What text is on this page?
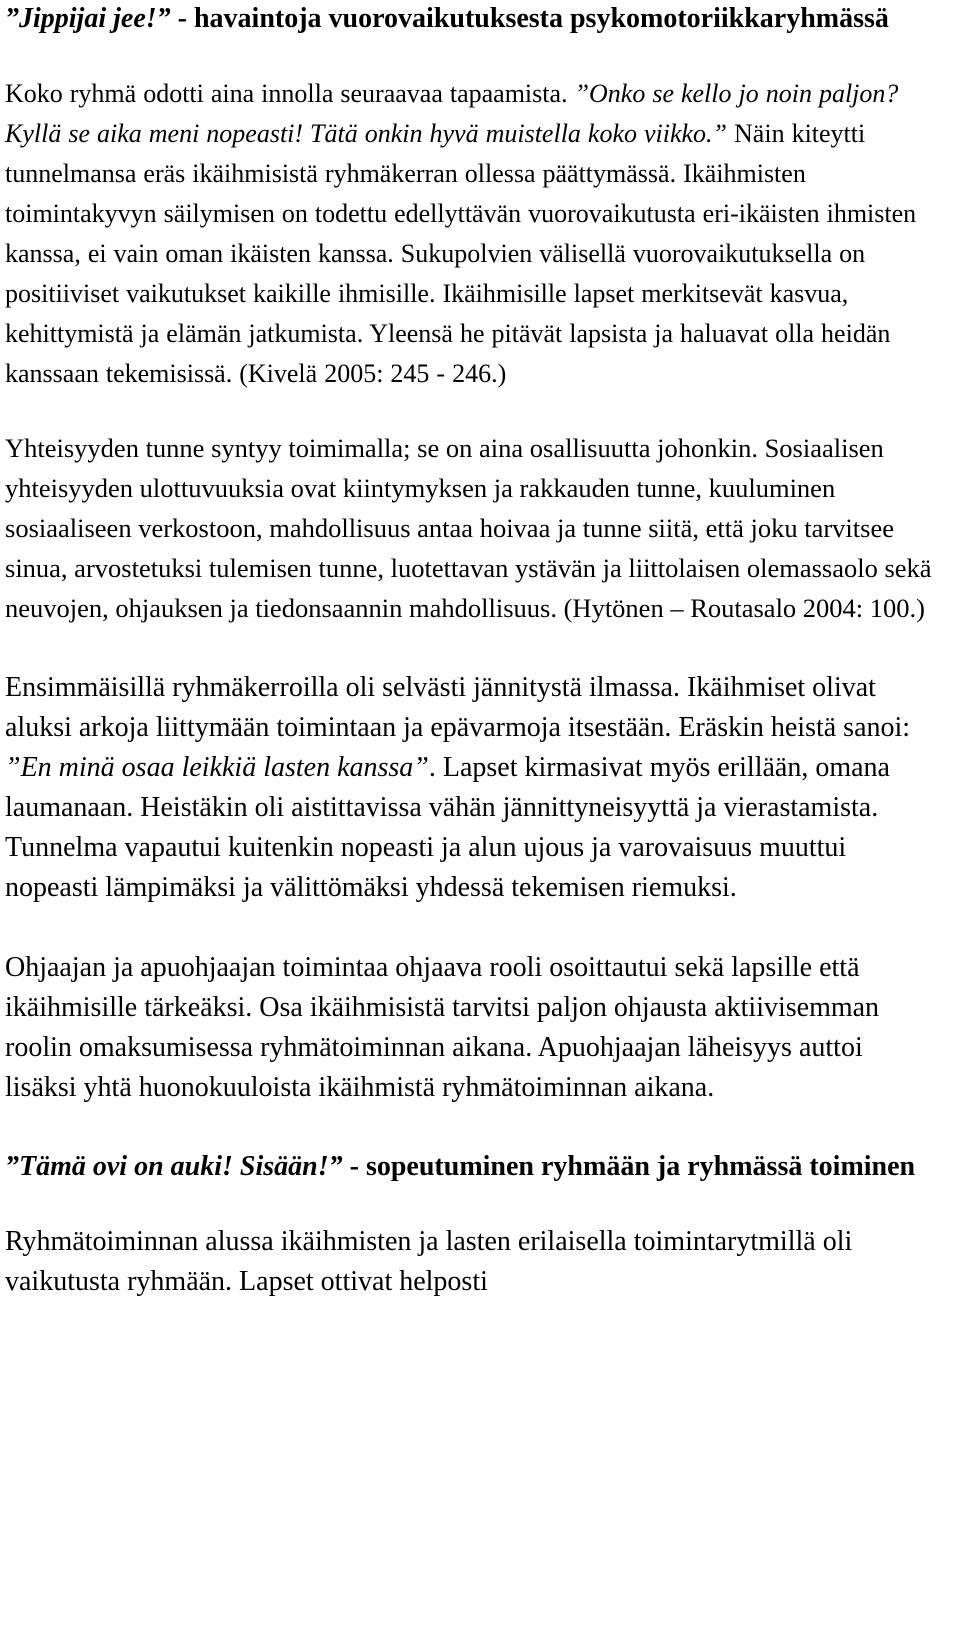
”Jippijai jee!” - havaintoja vuorovaikutuksesta psykomotoriikkaryhmässä

Koko ryhmä odotti aina innolla seuraavaa tapaamista. ”Onko se kello jo noin paljon? Kyllä se aika meni nopeasti! Tätä onkin hyvä muistella koko viikko.” Näin kiteytti tunnelmansa eräs ikäihmisistä ryhmäkerran ollessa päättymässä. Ikäihmisten toimintakyvyn säilymisen on todettu edellyttävän vuorovaikutusta eri-ikäisten ihmisten kanssa, ei vain oman ikäisten kanssa. Sukupolvien välisellä vuorovaikutuksella on positiiviset vaikutukset kaikille ihmisille. Ikäihmisille lapset merkitsevät kasvua, kehittymistä ja elämän jatkumista. Yleensä he pitävät lapsista ja haluavat olla heidän kanssaan tekemisissä. (Kivelä 2005: 245 - 246.)

Yhteisyyden tunne syntyy toimimalla; se on aina osallisuutta johonkin. Sosiaalisen yhteisyyden ulottuvuuksia ovat kiintymyksen ja rakkauden tunne, kuuluminen sosiaaliseen verkostoon, mahdollisuus antaa hoivaa ja tunne siitä, että joku tarvitsee sinua, arvostetuksi tulemisen tunne, luotettavan ystävän ja liittolaisen olemassaolo sekä neuvojen, ohjauksen ja tiedonsaannin mahdollisuus. (Hytönen – Routasalo 2004: 100.)

Ensimmäisillä ryhmäkerroilla oli selvästi jännitystä ilmassa. Ikäihmiset olivat aluksi arkoja liittymään toimintaan ja epävarmoja itsestään. Eräskin heistä sanoi: ”En minä osaa leikkiä lasten kanssa”. Lapset kirmasivat myös erillään, omana laumanaan. Heistäkin oli aistittavissa vähän jännittyneisyyttä ja vierastamista. Tunnelma vapautui kuitenkin nopeasti ja alun ujous ja varovaisuus muuttui nopeasti lämpimäksi ja välittömäksi yhdessä tekemisen riemuksi.

Ohjaajan ja apuohjaajan toimintaa ohjaava rooli osoittautui sekä lapsille että ikäihmisille tärkeäksi. Osa ikäihmisistä tarvitsi paljon ohjausta aktiivisemman roolin omaksumisessa ryhmätoiminnan aikana. Apuohjaajan läheisyys auttoi lisäksi yhtä huonokuuloista ikäihmistä ryhmätoiminnan aikana.

”Tämä ovi on auki! Sisään!” - sopeutuminen ryhmään ja ryhmässä toiminen

Ryhmätoiminnan alussa ikäihmisten ja lasten erilaisella toimintarytmillä oli vaikutusta ryhmään. Lapset ottivat helposti
